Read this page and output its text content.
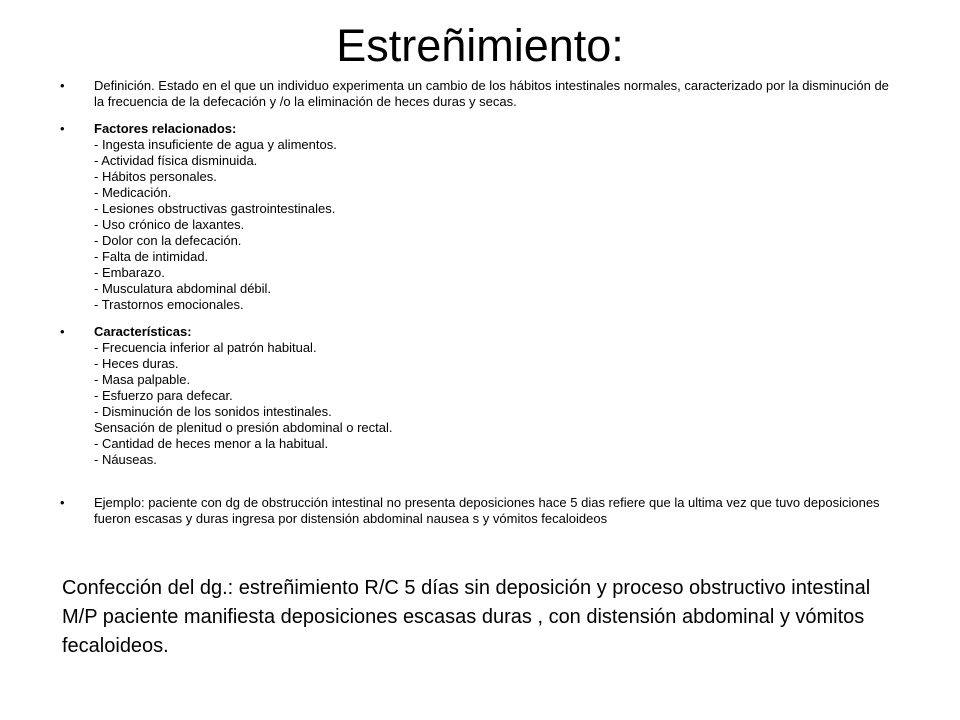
Estreñimiento:
• Definición. Estado en el que un individuo experimenta un cambio de los hábitos intestinales normales, caracterizado por la disminución de la frecuencia de la defecación y /o la eliminación de heces duras y secas.
• Factores relacionados:
- Ingesta insuficiente de agua y alimentos.
- Actividad física disminuida.
- Hábitos personales.
- Medicación.
- Lesiones obstructivas gastrointestinales.
- Uso crónico de laxantes.
- Dolor con la defecación.
- Falta de intimidad.
- Embarazo.
- Musculatura abdominal débil.
- Trastornos emocionales.
• Características:
- Frecuencia inferior al patrón habitual.
- Heces duras.
- Masa palpable.
- Esfuerzo para defecar.
- Disminución de los sonidos intestinales.
Sensación de plenitud o presión abdominal o rectal.
- Cantidad de heces menor a la habitual.
- Náuseas.
• Ejemplo: paciente con dg de obstrucción intestinal no presenta deposiciones hace 5 dias refiere que la ultima vez que tuvo deposiciones fueron escasas y duras ingresa por distensión abdominal nausea s y vómitos fecaloideos
Confección del dg.: estreñimiento R/C 5 días sin deposición y proceso obstructivo intestinal M/P paciente manifiesta deposiciones escasas duras , con distensión abdominal y vómitos fecaloideos.
